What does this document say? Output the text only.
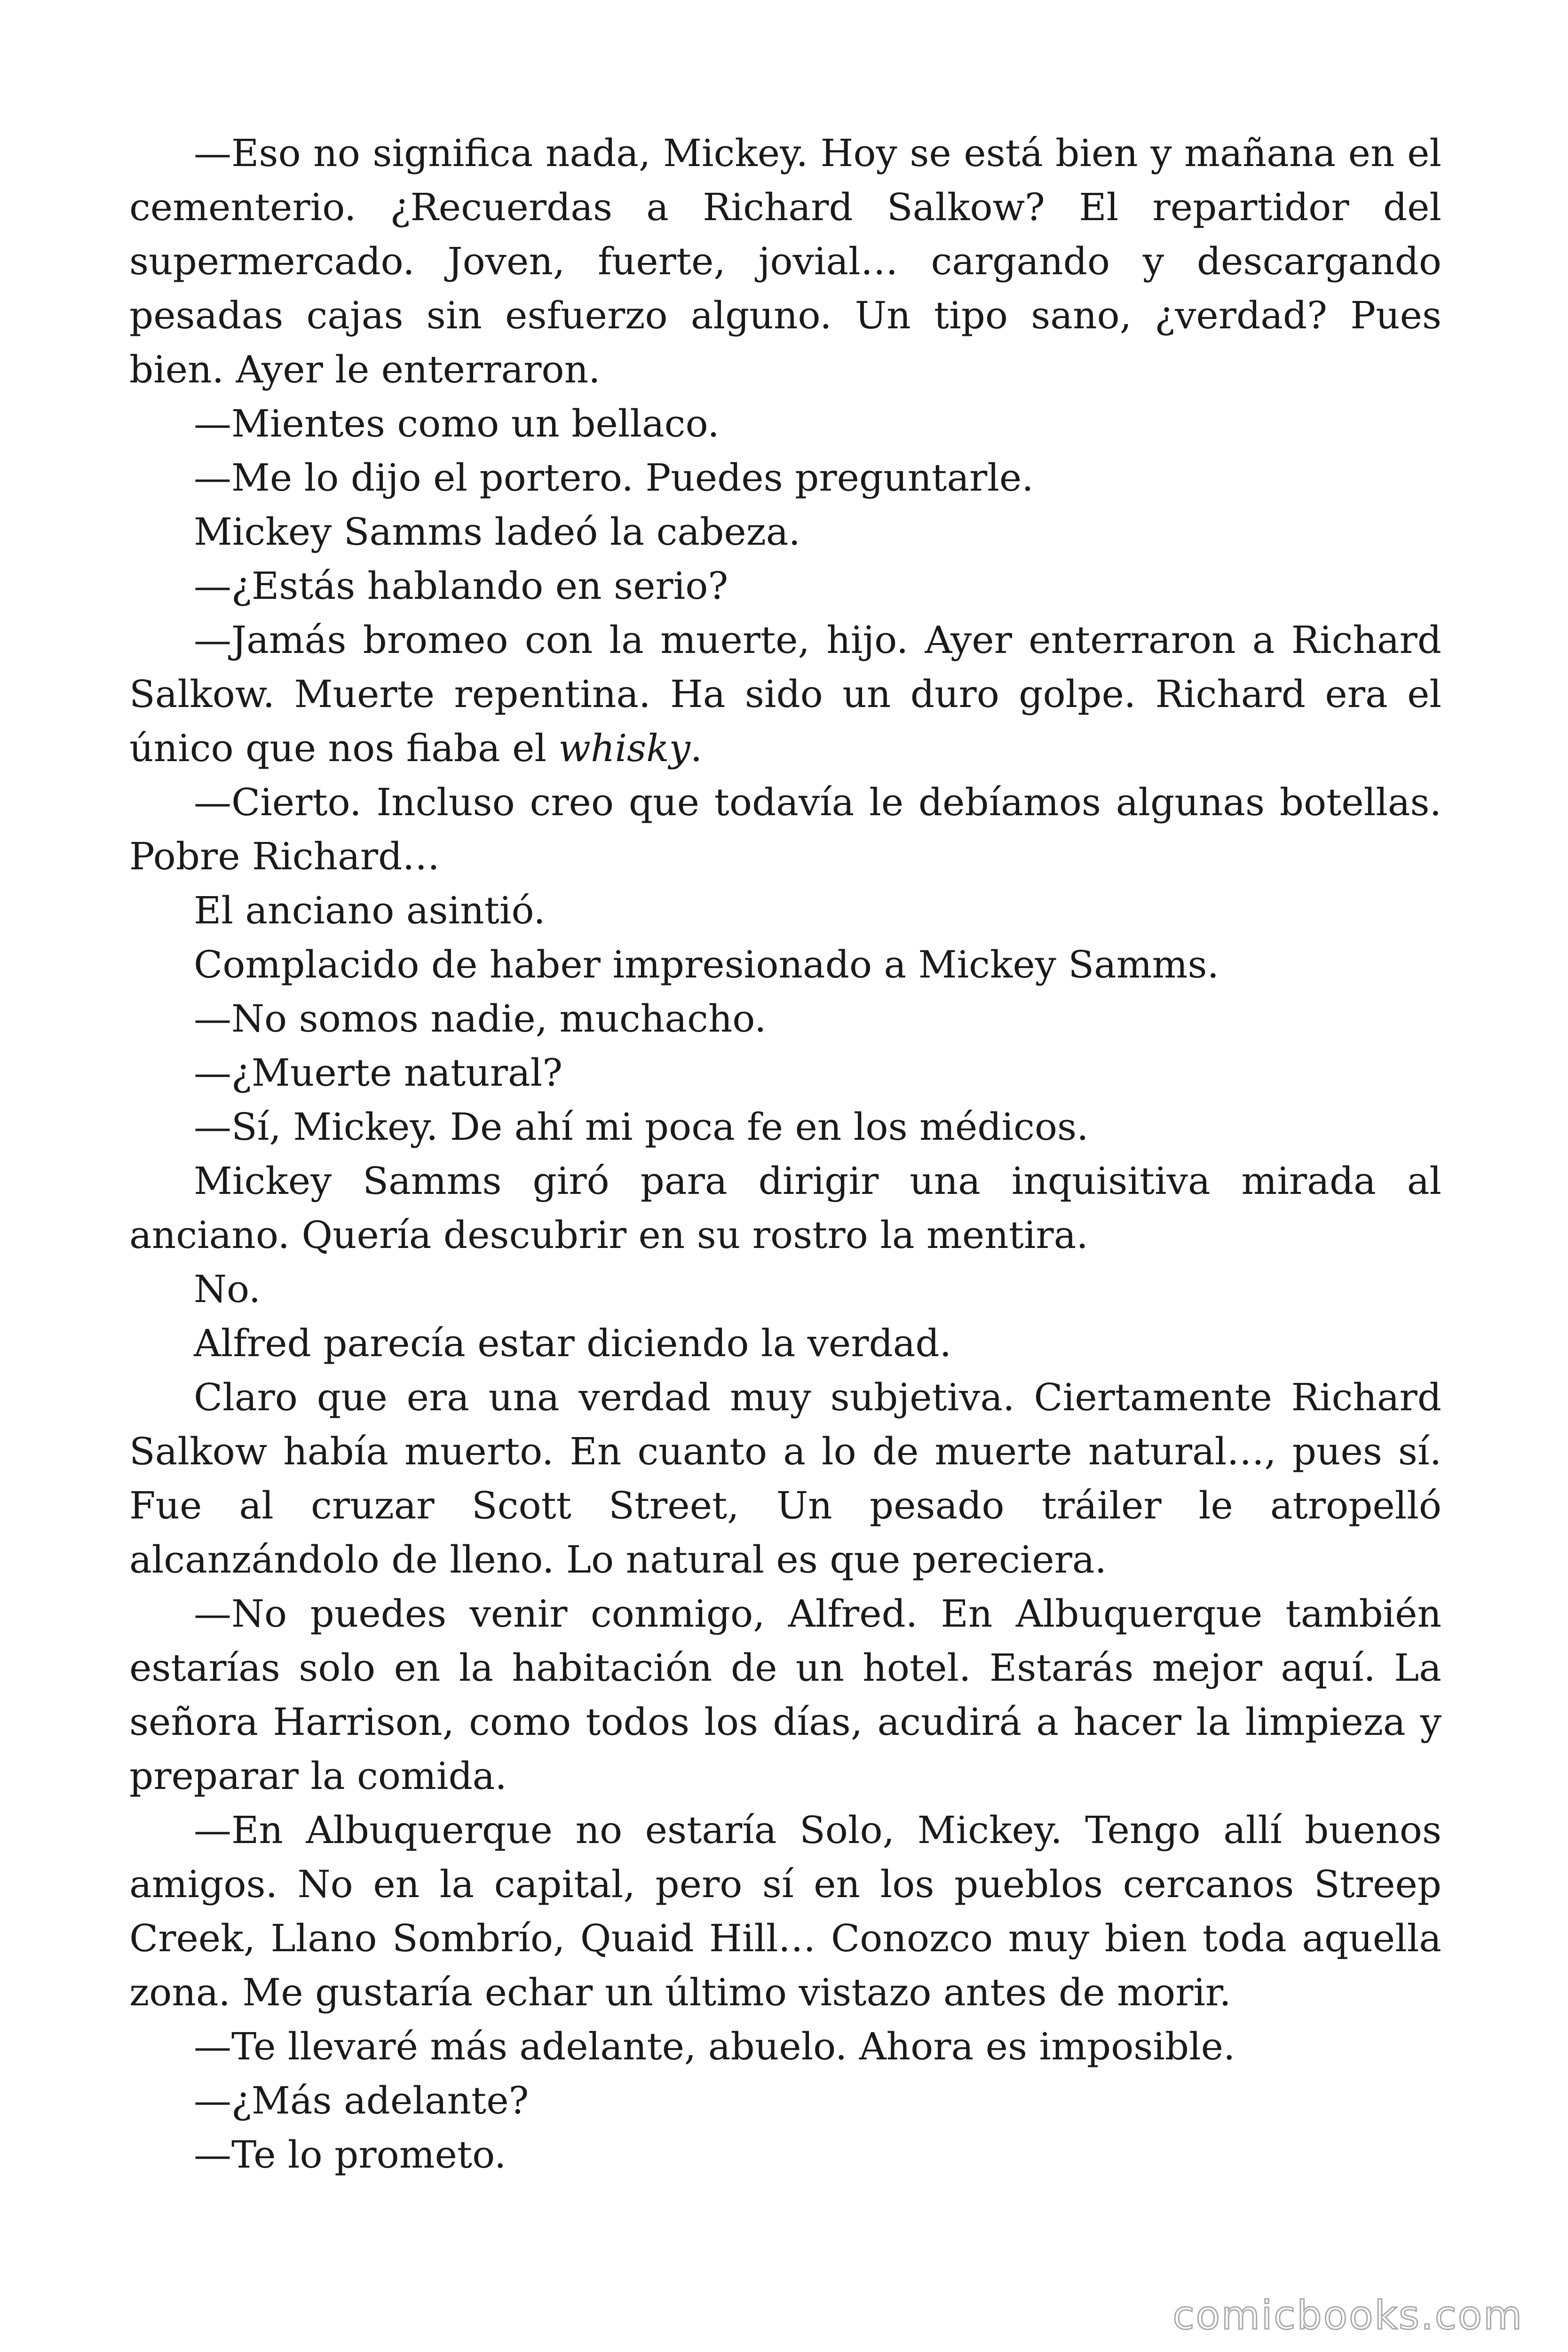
—Eso no significa nada, Mickey. Hoy se está bien y mañana en el cementerio. ¿Recuerdas a Richard Salkow? El repartidor del supermercado. Joven, fuerte, jovial… cargando y descargando pesadas cajas sin esfuerzo alguno. Un tipo sano, ¿verdad? Pues bien. Ayer le enterraron.

—Mientes como un bellaco.

—Me lo dijo el portero. Puedes preguntarle.

Mickey Samms ladeó la cabeza.

—¿Estás hablando en serio?

—Jamás bromeo con la muerte, hijo. Ayer enterraron a Richard Salkow. Muerte repentina. Ha sido un duro golpe. Richard era el único que nos fiaba el whisky.

—Cierto. Incluso creo que todavía le debíamos algunas botellas. Pobre Richard…

El anciano asintió.

Complacido de haber impresionado a Mickey Samms.

—No somos nadie, muchacho.

—¿Muerte natural?

—Sí, Mickey. De ahí mi poca fe en los médicos.

Mickey Samms giró para dirigir una inquisitiva mirada al anciano. Quería descubrir en su rostro la mentira.

No.

Alfred parecía estar diciendo la verdad.

Claro que era una verdad muy subjetiva. Ciertamente Richard Salkow había muerto. En cuanto a lo de muerte natural…, pues sí. Fue al cruzar Scott Street, Un pesado tráiler le atropelló alcanzándolo de lleno. Lo natural es que pereciera.

—No puedes venir conmigo, Alfred. En Albuquerque también estarías solo en la habitación de un hotel. Estarás mejor aquí. La señora Harrison, como todos los días, acudirá a hacer la limpieza y preparar la comida.

—En Albuquerque no estaría Solo, Mickey. Tengo allí buenos amigos. No en la capital, pero sí en los pueblos cercanos Streep Creek, Llano Sombrío, Quaid Hill… Conozco muy bien toda aquella zona. Me gustaría echar un último vistazo antes de morir.

—Te llevaré más adelante, abuelo. Ahora es imposible.

—¿Más adelante?

—Te lo prometo.

comicbooks.com
